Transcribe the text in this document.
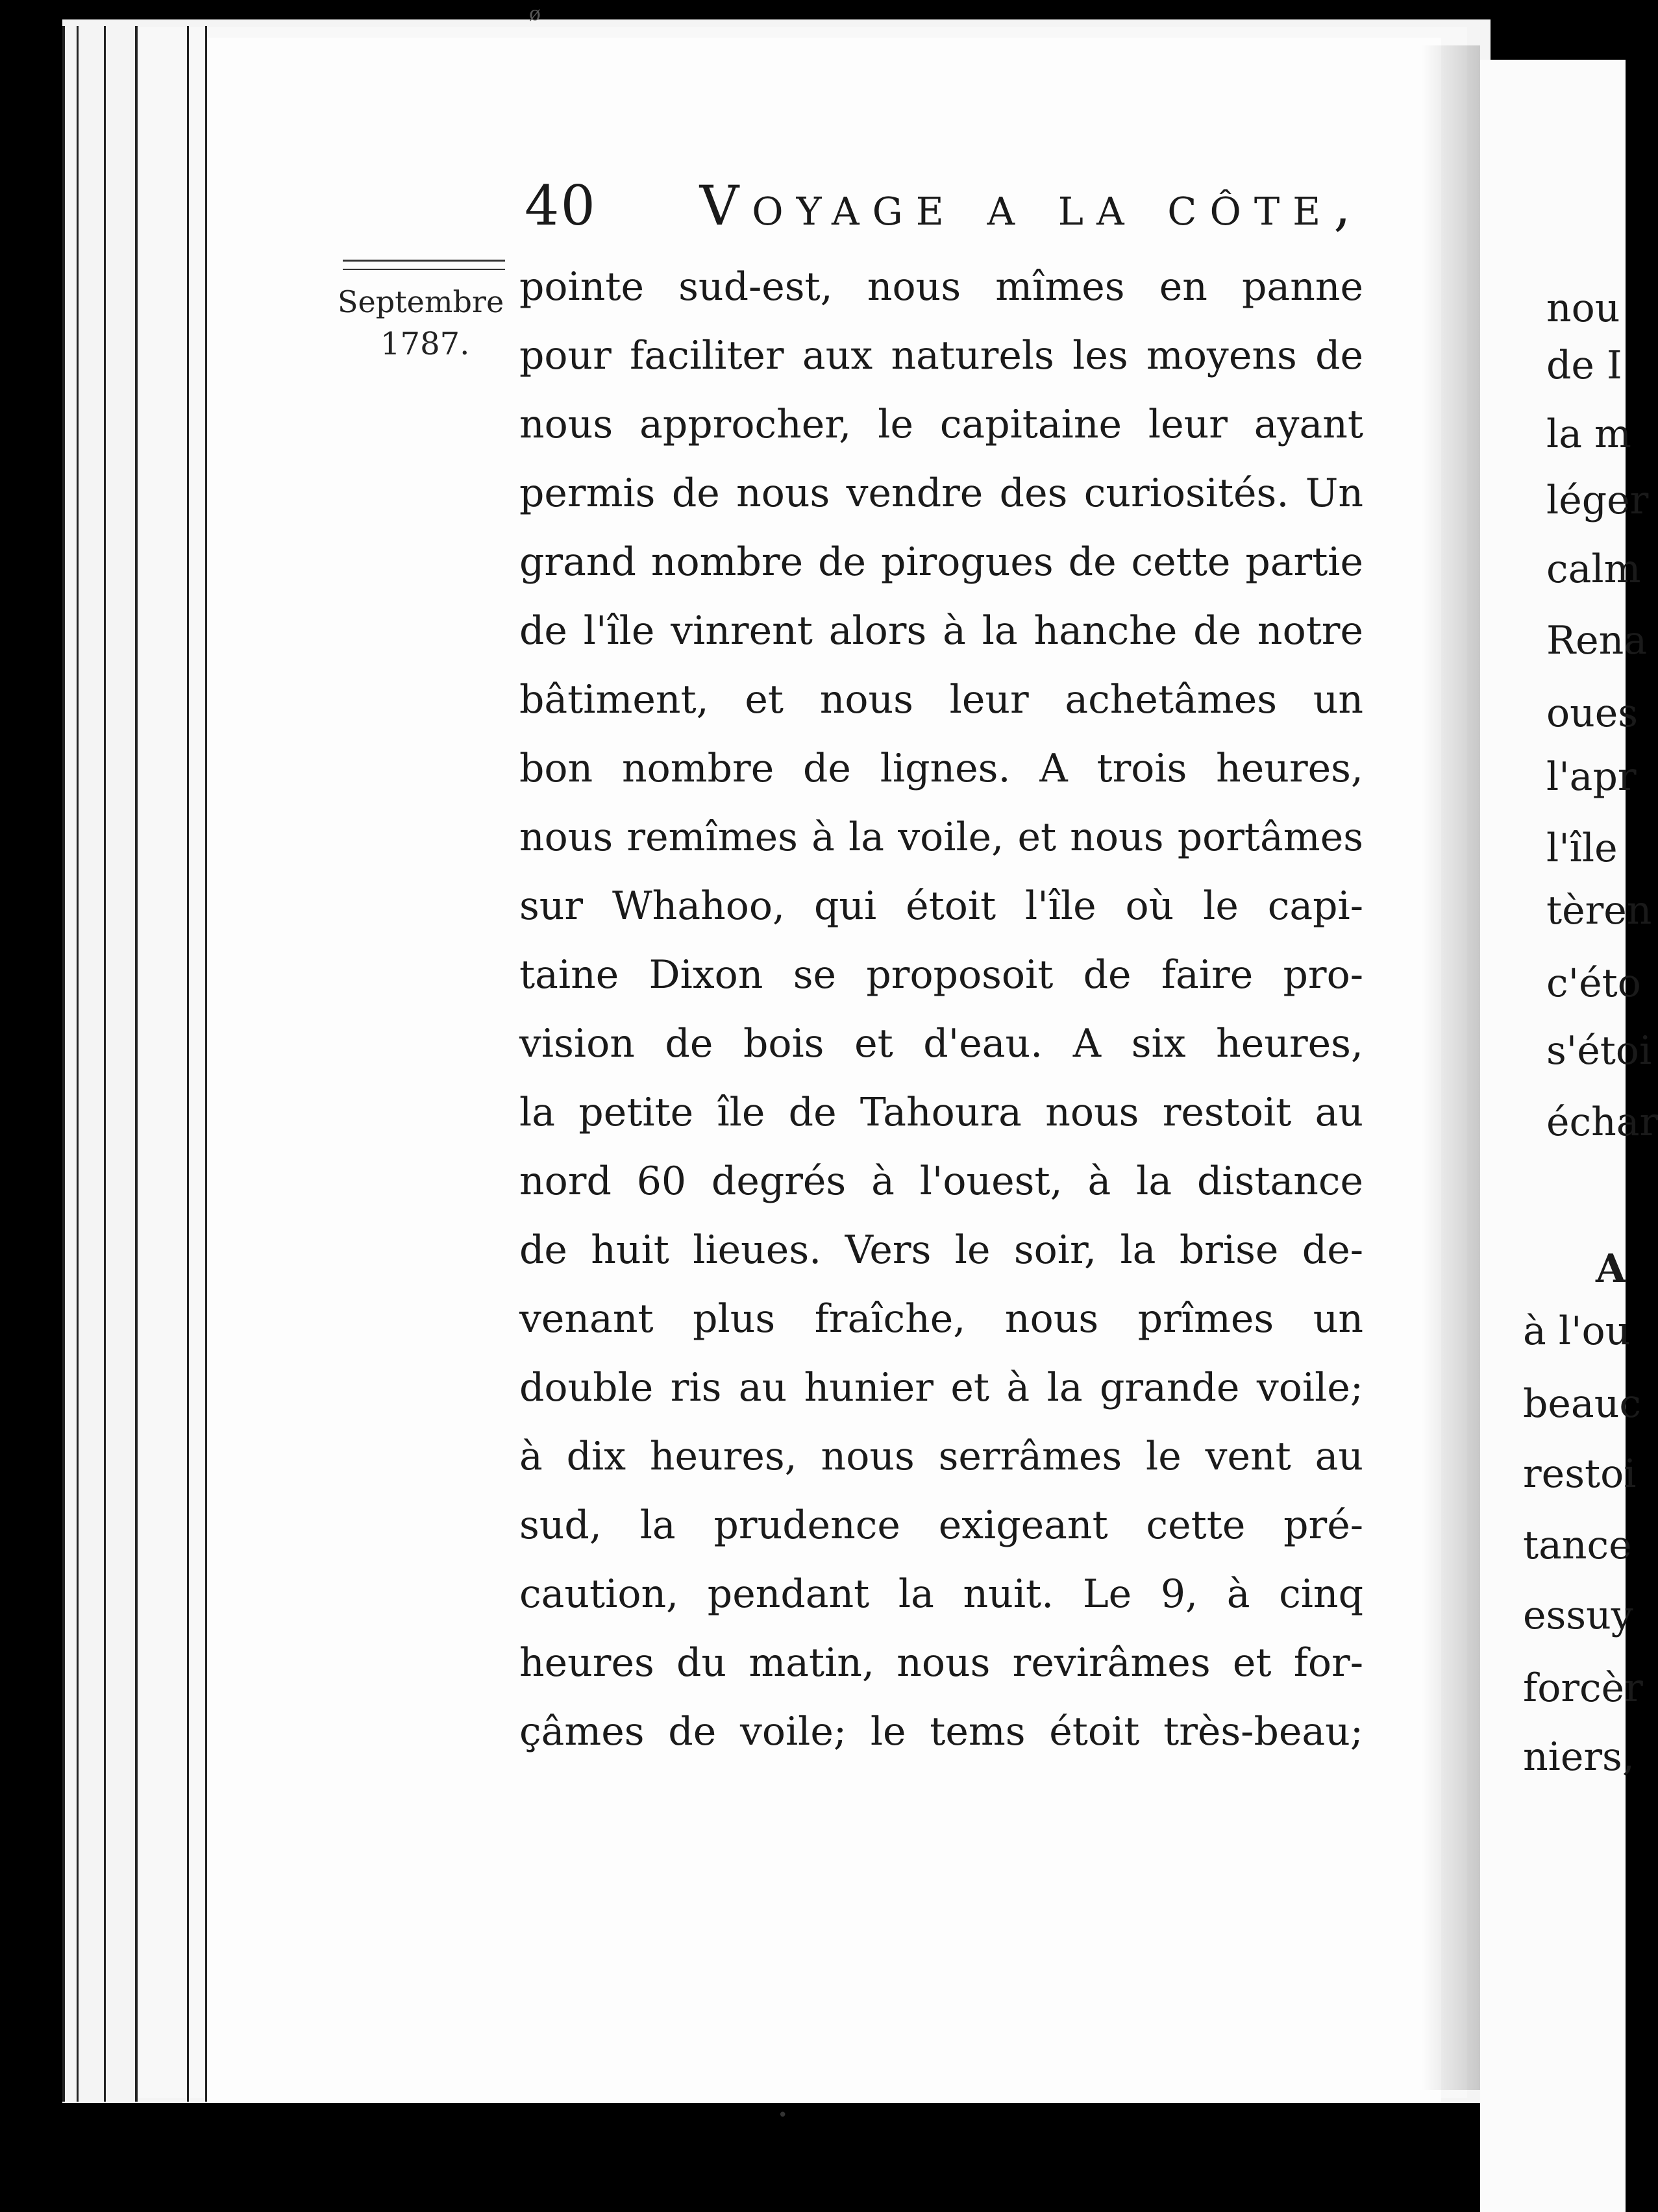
ø
40 Voyage a la côte,
Septembre
1787.
pointe sud-est, nous mîmes en panne
pour faciliter aux naturels les moyens de
nous approcher, le capitaine leur ayant
permis de nous vendre des curiosités. Un
grand nombre de pirogues de cette partie
de l'île vinrent alors à la hanche de notre
bâtiment, et nous leur achetâmes un
bon nombre de lignes. A trois heures,
nous remîmes à la voile, et nous portâmes
sur Whahoo, qui étoit l'île où le capi-
taine Dixon se proposoit de faire pro-
vision de bois et d'eau. A six heures,
la petite île de Tahoura nous restoit au
nord 60 degrés à l'ouest, à la distance
de huit lieues. Vers le soir, la brise de-
venant plus fraîche, nous prîmes un
double ris au hunier et à la grande voile;
à dix heures, nous serrâmes le vent au
sud, la prudence exigeant cette pré-
caution, pendant la nuit. Le 9, à cinq
heures du matin, nous revirâmes et for-
çâmes de voile; le tems étoit très-beau;
nou
de I
la m
léger
calm
Rena
oues
l'apr
l'île
tèren
c'éto
s'étoi
échar
A
à l'ou
beauc
restoi
tance
essuy
forcèr
niers,
•
